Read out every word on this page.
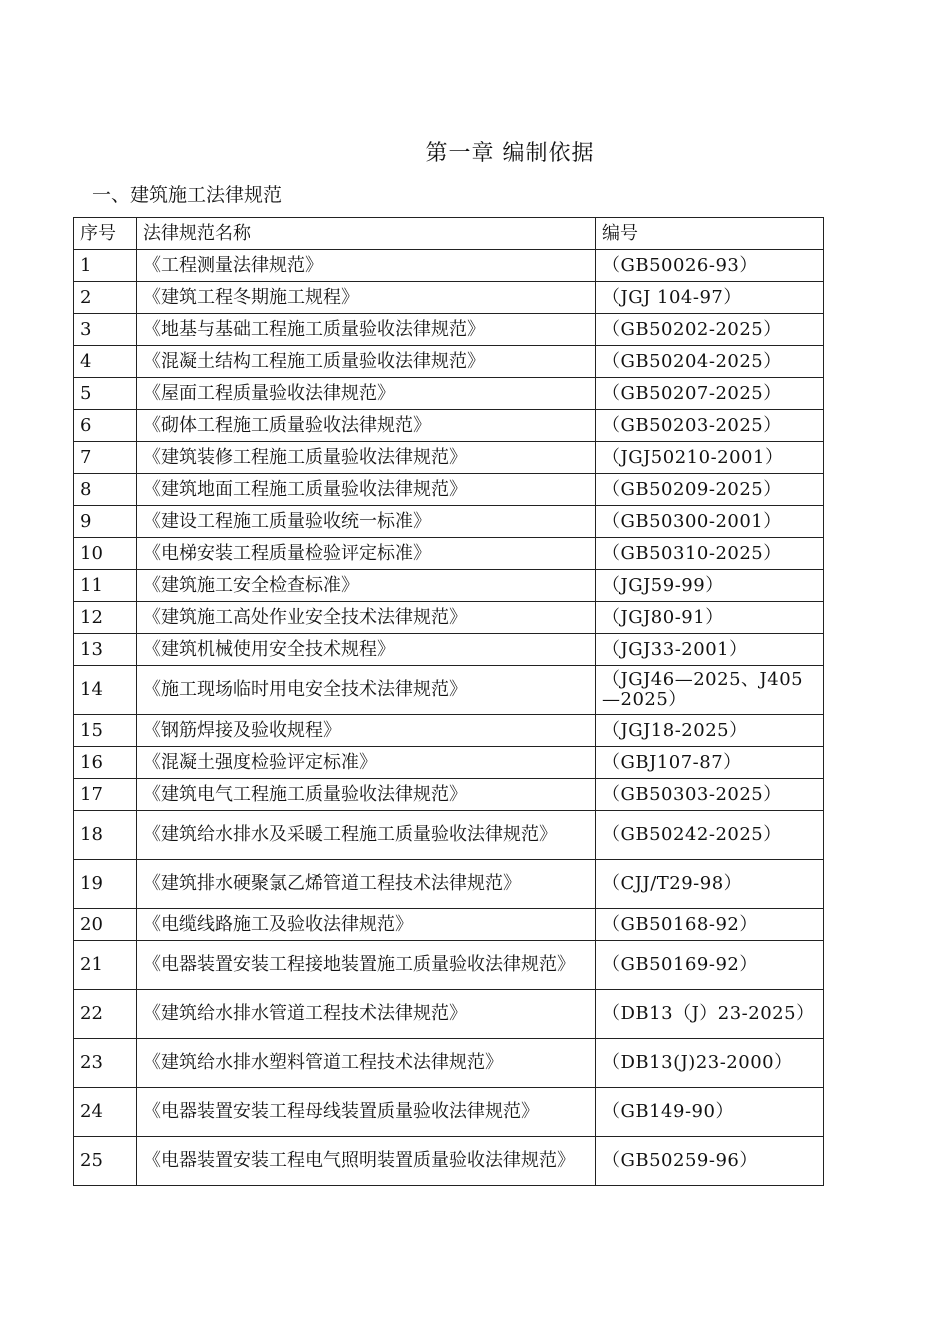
第一章 编制依据
一、建筑施工法律规范
序号	法律规范名称	编号
1	《工程测量法律规范》	（GB50026-93）
2	《建筑工程冬期施工规程》	（JGJ 104-97）
3	《地基与基础工程施工质量验收法律规范》	（GB50202-2025）
4	《混凝土结构工程施工质量验收法律规范》	（GB50204-2025）
5	《屋面工程质量验收法律规范》	（GB50207-2025）
6	《砌体工程施工质量验收法律规范》	（GB50203-2025）
7	《建筑装修工程施工质量验收法律规范》	（JGJ50210-2001）
8	《建筑地面工程施工质量验收法律规范》	（GB50209-2025）
9	《建设工程施工质量验收统一标准》	（GB50300-2001）
10	《电梯安装工程质量检验评定标准》	（GB50310-2025）
11	《建筑施工安全检查标准》	（JGJ59-99）
12	《建筑施工高处作业安全技术法律规范》	（JGJ80-91）
13	《建筑机械使用安全技术规程》	（JGJ33-2001）
14	《施工现场临时用电安全技术法律规范》	（JGJ46—2025、J405—2025）
15	《钢筋焊接及验收规程》	（JGJ18-2025）
16	《混凝土强度检验评定标准》	（GBJ107-87）
17	《建筑电气工程施工质量验收法律规范》	（GB50303-2025）
18	《建筑给水排水及采暖工程施工质量验收法律规范》	（GB50242-2025）
19	《建筑排水硬聚氯乙烯管道工程技术法律规范》	（CJJ/T29-98）
20	《电缆线路施工及验收法律规范》	（GB50168-92）
21	《电器装置安装工程接地装置施工质量验收法律规范》	（GB50169-92）
22	《建筑给水排水管道工程技术法律规范》	（DB13（J）23-2025）
23	《建筑给水排水塑料管道工程技术法律规范》	（DB13(J)23-2000）
24	《电器装置安装工程母线装置质量验收法律规范》	（GB149-90）
25	《电器装置安装工程电气照明装置质量验收法律规范》	（GB50259-96）
